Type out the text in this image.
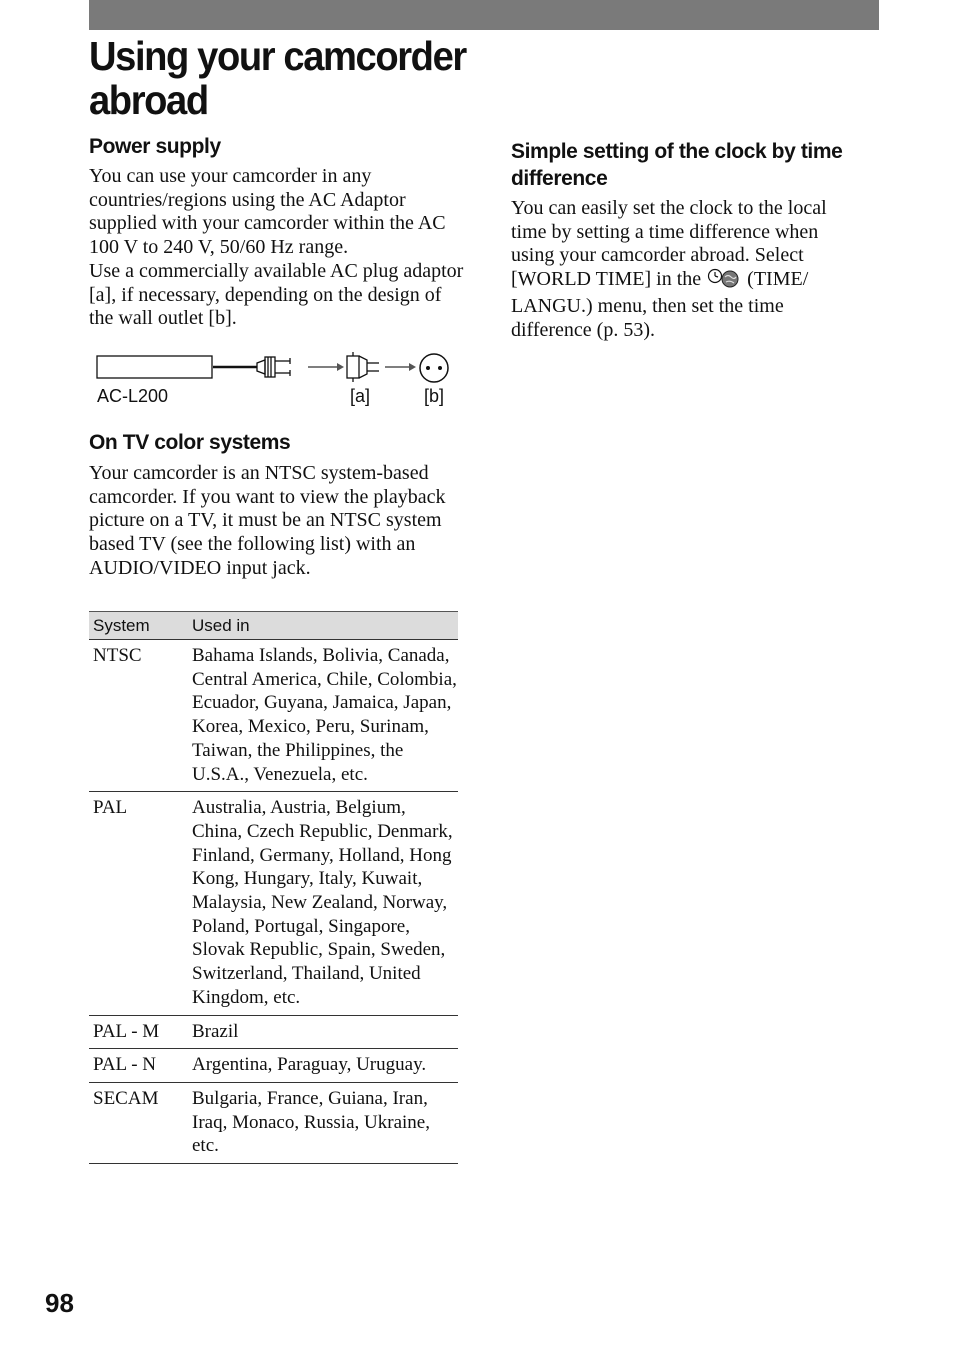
Using your camcorder abroad
Power supply

You can use your camcorder in any countries/regions using the AC Adaptor supplied with your camcorder within the AC 100 V to 240 V, 50/60 Hz range.

Use a commercially available AC plug adaptor [a], if necessary, depending on the design of the wall outlet [b].

AC-L200	[a]	[b]
On TV color systems

Your camcorder is an NTSC system-based camcorder. If you want to view the playback picture on a TV, it must be an NTSC system based TV (see the following list) with an AUDIO/VIDEO input jack.

System	Used in
NTSC	Bahama Islands, Bolivia, Canada, Central America, Chile, Colombia, Ecuador, Guyana, Jamaica, Japan, Korea, Mexico, Peru, Surinam, Taiwan, the Philippines, the U.S.A., Venezuela, etc.
PAL	Australia, Austria, Belgium, China, Czech Republic, Denmark, Finland, Germany, Holland, Hong Kong, Hungary, Italy, Kuwait, Malaysia, New Zealand, Norway, Poland, Portugal, Singapore, Slovak Republic, Spain, Sweden, Switzerland, Thailand, United Kingdom, etc.
PAL - M	Brazil
PAL - N	Argentina, Paraguay, Uruguay.
SECAM	Bulgaria, France, Guiana, Iran, Iraq, Monaco, Russia, Ukraine, etc.
Simple setting of the clock by time difference

You can easily set the clock to the local time by setting a time difference when using your camcorder abroad. Select [WORLD TIME] in the (TIME/ LANGU.) menu, then set the time difference (p. 53).

98
